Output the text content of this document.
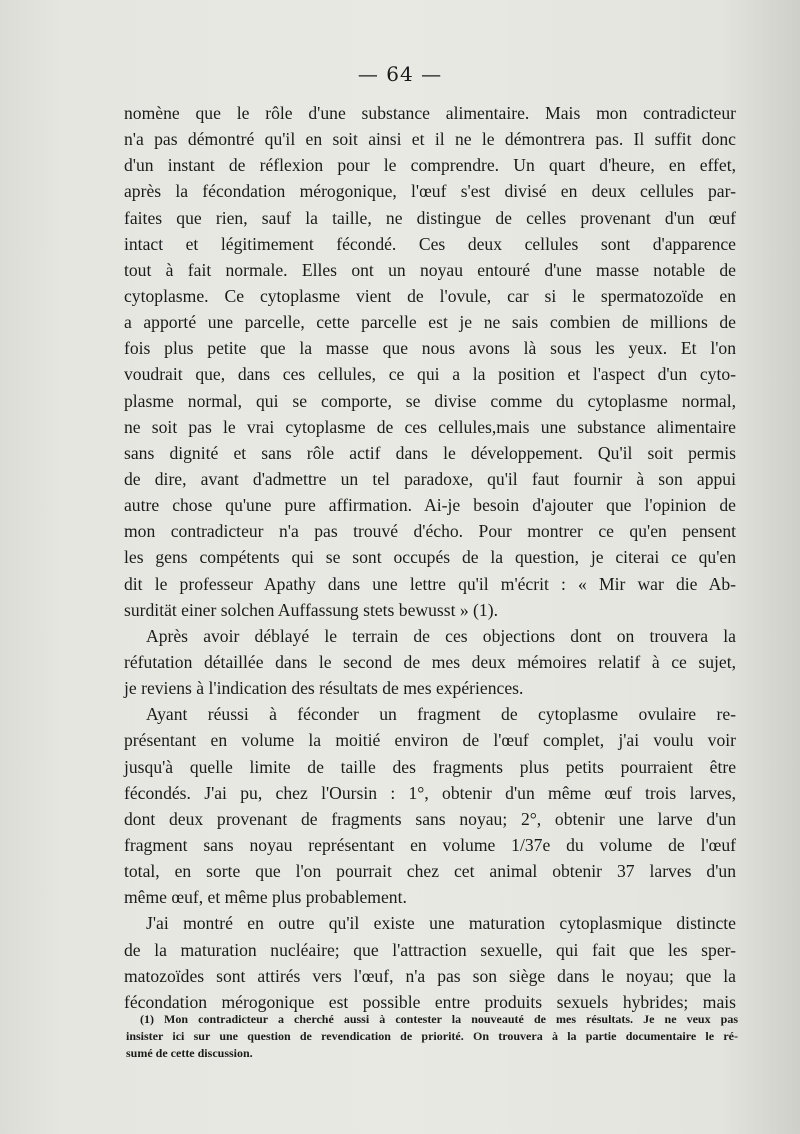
— 64 —
nomène que le rôle d'une substance alimentaire. Mais mon contradicteur
n'a pas démontré qu'il en soit ainsi et il ne le démontrera pas. Il suffit donc
d'un instant de réflexion pour le comprendre. Un quart d'heure, en effet,
après la fécondation mérogonique, l'œuf s'est divisé en deux cellules par-
faites que rien, sauf la taille, ne distingue de celles provenant d'un œuf
intact et légitimement fécondé. Ces deux cellules sont d'apparence
tout à fait normale. Elles ont un noyau entouré d'une masse notable de
cytoplasme. Ce cytoplasme vient de l'ovule, car si le spermatozoïde en
a apporté une parcelle, cette parcelle est je ne sais combien de millions de
fois plus petite que la masse que nous avons là sous les yeux. Et l'on
voudrait que, dans ces cellules, ce qui a la position et l'aspect d'un cyto-
plasme normal, qui se comporte, se divise comme du cytoplasme normal,
ne soit pas le vrai cytoplasme de ces cellules,mais une substance alimentaire
sans dignité et sans rôle actif dans le développement. Qu'il soit permis
de dire, avant d'admettre un tel paradoxe, qu'il faut fournir à son appui
autre chose qu'une pure affirmation. Ai-je besoin d'ajouter que l'opinion de
mon contradicteur n'a pas trouvé d'écho. Pour montrer ce qu'en pensent
les gens compétents qui se sont occupés de la question, je citerai ce qu'en
dit le professeur Apathy dans une lettre qu'il m'écrit : « Mir war die Ab-
surdität einer solchen Auffassung stets bewusst » (1).
Après avoir déblayé le terrain de ces objections dont on trouvera la
réfutation détaillée dans le second de mes deux mémoires relatif à ce sujet,
je reviens à l'indication des résultats de mes expériences.
Ayant réussi à féconder un fragment de cytoplasme ovulaire re-
présentant en volume la moitié environ de l'œuf complet, j'ai voulu voir
jusqu'à quelle limite de taille des fragments plus petits pourraient être
fécondés. J'ai pu, chez l'Oursin : 1°, obtenir d'un même œuf trois larves,
dont deux provenant de fragments sans noyau; 2°, obtenir une larve d'un
fragment sans noyau représentant en volume 1/37e du volume de l'œuf
total, en sorte que l'on pourrait chez cet animal obtenir 37 larves d'un
même œuf, et même plus probablement.
J'ai montré en outre qu'il existe une maturation cytoplasmique distincte
de la maturation nucléaire; que l'attraction sexuelle, qui fait que les sper-
matozoïdes sont attirés vers l'œuf, n'a pas son siège dans le noyau; que la
fécondation mérogonique est possible entre produits sexuels hybrides; mais
(1) Mon contradicteur a cherché aussi à contester la nouveauté de mes résultats. Je ne veux pas
insister ici sur une question de revendication de priorité. On trouvera à la partie documentaire le ré-
sumé de cette discussion.
